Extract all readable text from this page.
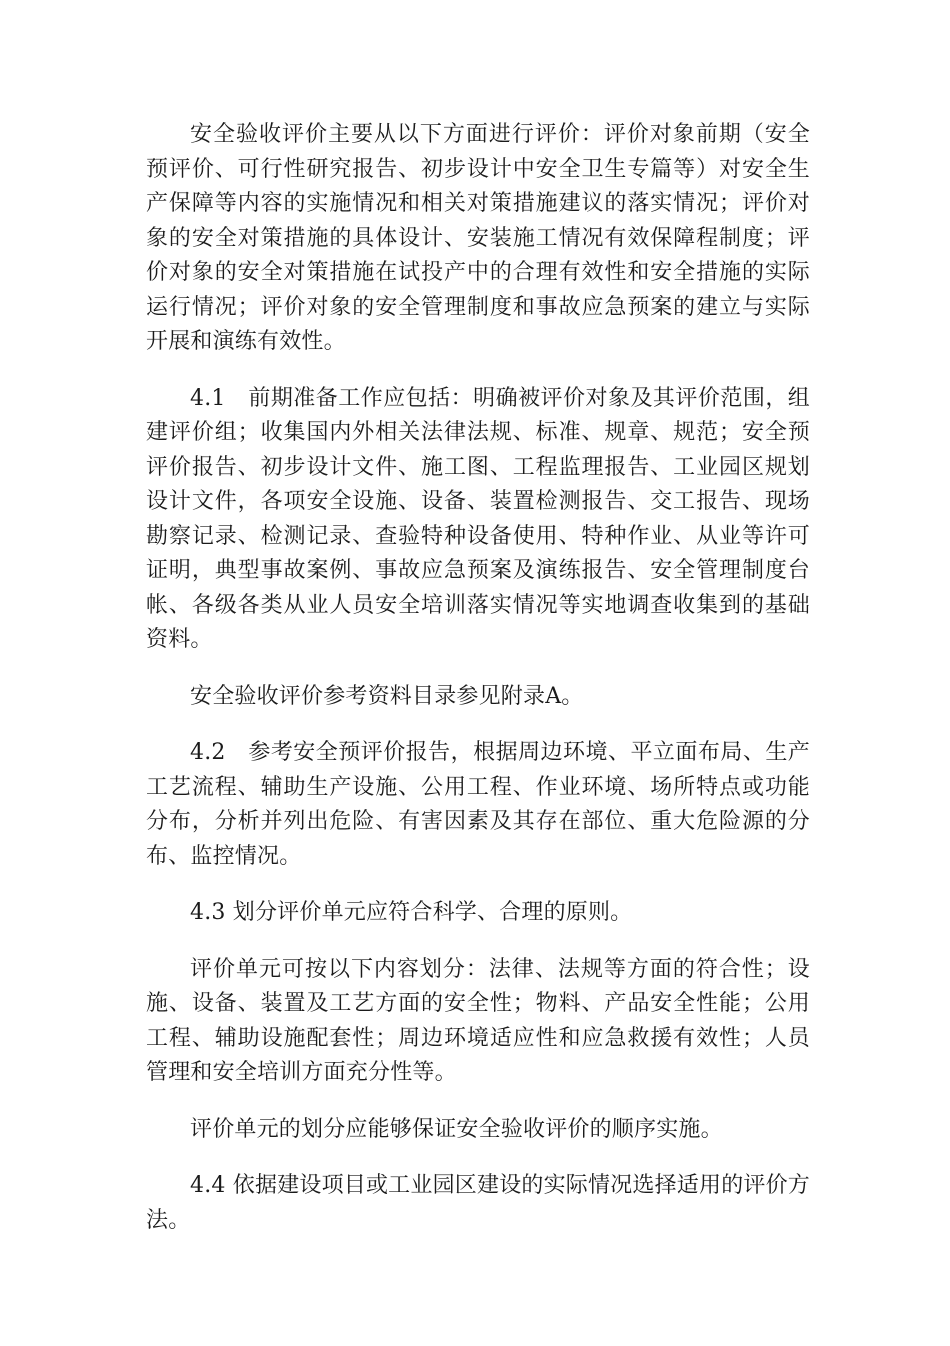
安全验收评价主要从以下方面进行评价：评价对象前期（安全预评价、可行性研究报告、初步设计中安全卫生专篇等）对安全生产保障等内容的实施情况和相关对策措施建议的落实情况；评价对象的安全对策措施的具体设计、安装施工情况有效保障程制度；评价对象的安全对策措施在试投产中的合理有效性和安全措施的实际运行情况；评价对象的安全管理制度和事故应急预案的建立与实际开展和演练有效性。

4.1　前期准备工作应包括：明确被评价对象及其评价范围，组建评价组；收集国内外相关法律法规、标准、规章、规范；安全预评价报告、初步设计文件、施工图、工程监理报告、工业园区规划设计文件，各项安全设施、设备、装置检测报告、交工报告、现场勘察记录、检测记录、查验特种设备使用、特种作业、从业等许可证明，典型事故案例、事故应急预案及演练报告、安全管理制度台帐、各级各类从业人员安全培训落实情况等实地调查收集到的基础资料。

安全验收评价参考资料目录参见附录A。

4.2　参考安全预评价报告，根据周边环境、平立面布局、生产工艺流程、辅助生产设施、公用工程、作业环境、场所特点或功能分布，分析并列出危险、有害因素及其存在部位、重大危险源的分布、监控情况。

4.3 划分评价单元应符合科学、合理的原则。

评价单元可按以下内容划分：法律、法规等方面的符合性；设施、设备、装置及工艺方面的安全性；物料、产品安全性能；公用工程、辅助设施配套性；周边环境适应性和应急救援有效性；人员管理和安全培训方面充分性等。

评价单元的划分应能够保证安全验收评价的顺序实施。

4.4 依据建设项目或工业园区建设的实际情况选择适用的评价方法。
